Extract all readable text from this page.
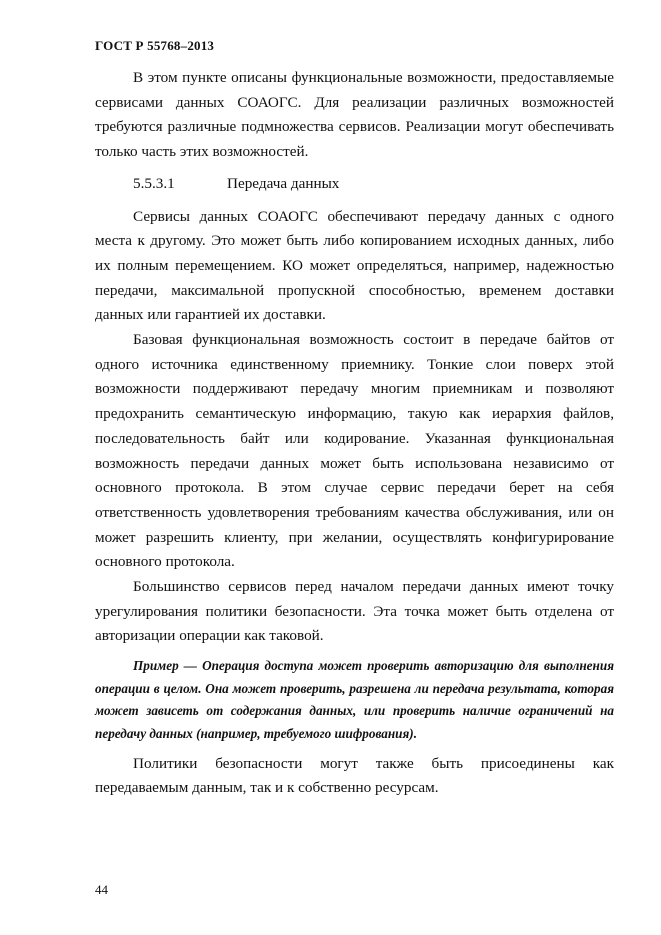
ГОСТ Р 55768–2013

В этом пункте описаны функциональные возможности, предоставляемые сервисами данных СОАОГС. Для реализации различных возможностей требуются различные подмножества сервисов. Реализации могут обеспечивать только часть этих возможностей.

5.5.3.1	Передача данных

Сервисы данных СОАОГС обеспечивают передачу данных с одного места к другому. Это может быть либо копированием исходных данных, либо их полным перемещением. КО может определяться, например, надежностью передачи, максимальной пропускной способностью, временем доставки данных или гарантией их доставки.

Базовая функциональная возможность состоит в передаче байтов от одного источника единственному приемнику. Тонкие слои поверх этой возможности поддерживают передачу многим приемникам и позволяют предохранить семантическую информацию, такую как иерархия файлов, последовательность байт или кодирование. Указанная функциональная возможность передачи данных может быть использована независимо от основного протокола. В этом случае сервис передачи берет на себя ответственность удовлетворения требованиям качества обслуживания, или он может разрешить клиенту, при желании, осуществлять конфигурирование основного протокола.

Большинство сервисов перед началом передачи данных имеют точку урегулирования политики безопасности. Эта точка может быть отделена от авторизации операции как таковой.

Пример — Операция доступа может проверить авторизацию для выполнения операции в целом. Она может проверить, разрешена ли передача результата, которая может зависеть от содержания данных, или проверить наличие ограничений на передачу данных (например, требуемого шифрования).

Политики безопасности могут также быть присоединены как передаваемым данным, так и к собственно ресурсам.

44
